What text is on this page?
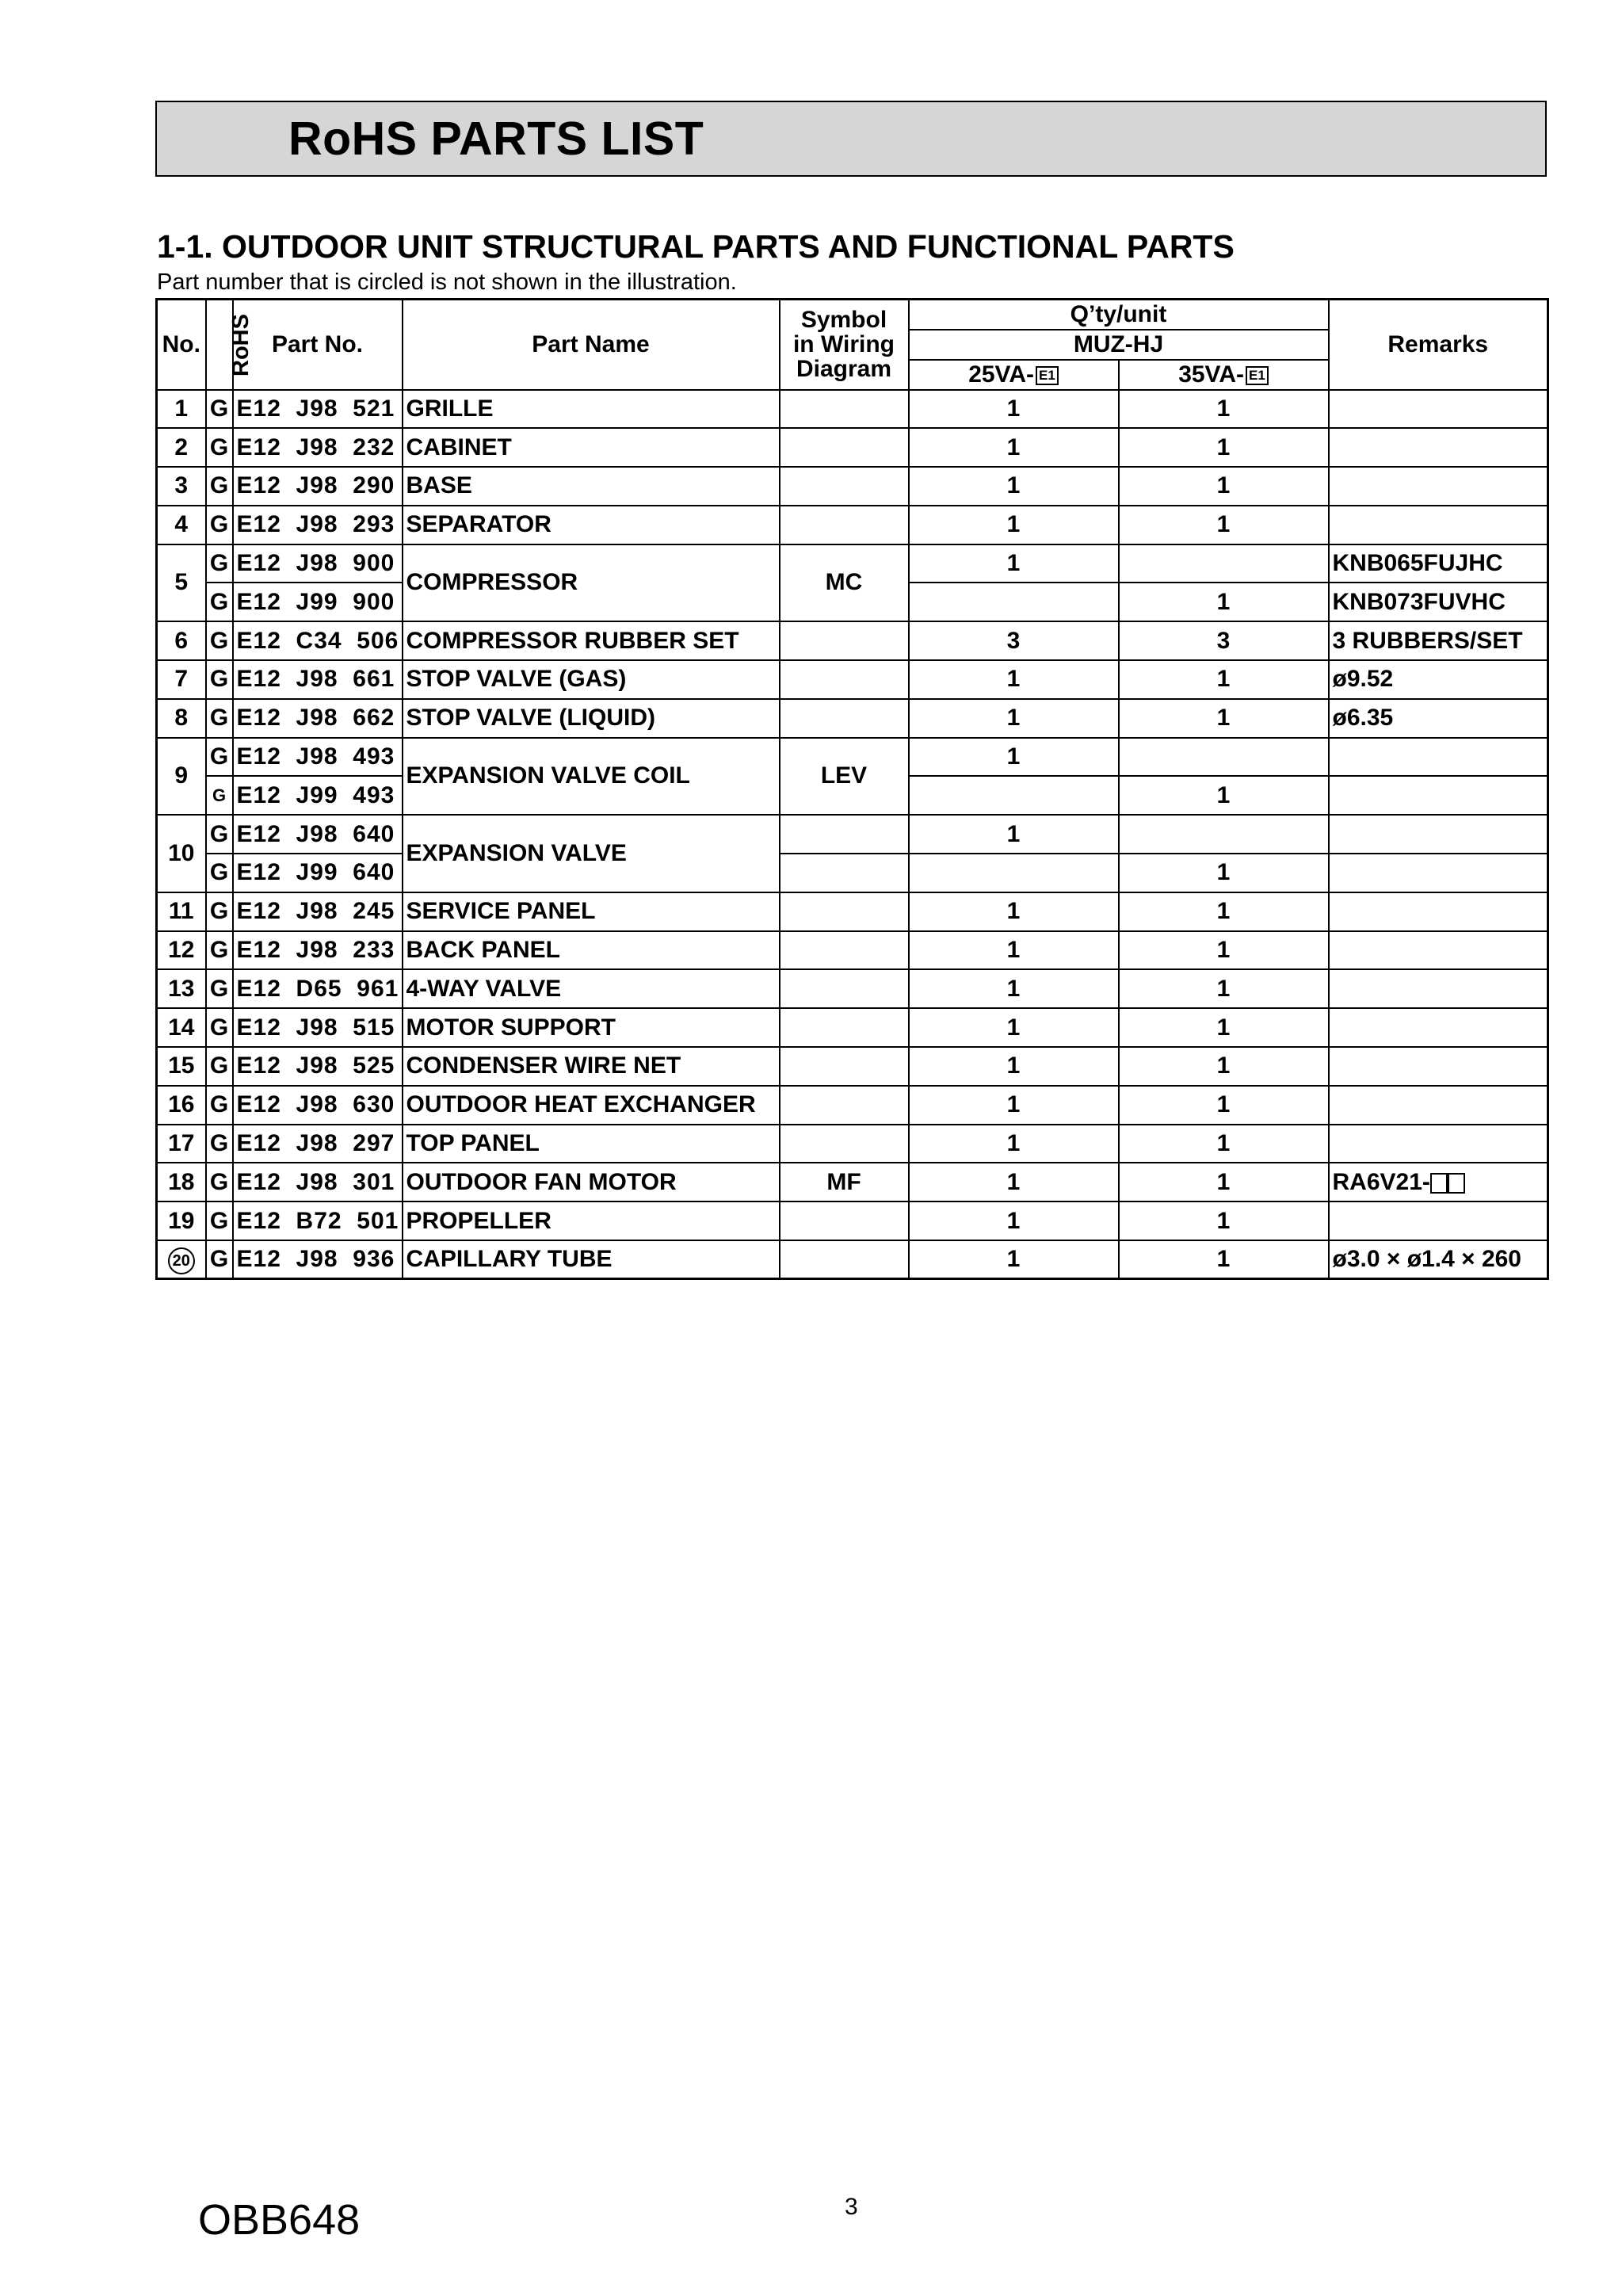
RoHS PARTS LIST
1-1. OUTDOOR UNIT STRUCTURAL PARTS AND FUNCTIONAL PARTS
Part number that is circled is not shown in the illustration.
No.	RoHS	Part No.	Part Name	Symbol
in Wiring
Diagram	Q’ty/unit		Remarks
					MUZ-HJ		
					25VA- E1	35VA- E1	
1	G	E12  J98  521	GRILLE		1	1	
2	G	E12  J98  232	CABINET		1	1	
3	G	E12  J98  290	BASE		1	1	
4	G	E12  J98  293	SEPARATOR		1	1	
5	G	E12  J98  900	COMPRESSOR	MC	1		KNB065FUJHC
	G	E12  J99  900				1	KNB073FUVHC
6	G	E12  C34  506	COMPRESSOR RUBBER SET		3	3	3 RUBBERS/SET
7	G	E12  J98  661	STOP VALVE (GAS)		1	1	ø9.52
8	G	E12  J98  662	STOP VALVE (LIQUID)		1	1	ø6.35
9	G	E12  J98  493	EXPANSION VALVE COIL	LEV	1		
	G	E12  J99  493				1	
10	G	E12  J98  640	EXPANSION VALVE		1		
	G	E12  J99  640				1	
11	G	E12  J98  245	SERVICE PANEL		1	1	
12	G	E12  J98  233	BACK PANEL		1	1	
13	G	E12  D65  961	4-WAY VALVE		1	1	
14	G	E12  J98  515	MOTOR SUPPORT		1	1	
15	G	E12  J98  525	CONDENSER WIRE NET		1	1	
16	G	E12  J98  630	OUTDOOR HEAT EXCHANGER		1	1	
17	G	E12  J98  297	TOP PANEL		1	1	
18	G	E12  J98  301	OUTDOOR FAN MOTOR	MF	1	1	RA6V21-
19	G	E12  B72  501	PROPELLER		1	1	
20	G	E12  J98  936	CAPILLARY TUBE		1	1	ø3.0 × ø1.4 × 260
OBB648	3
